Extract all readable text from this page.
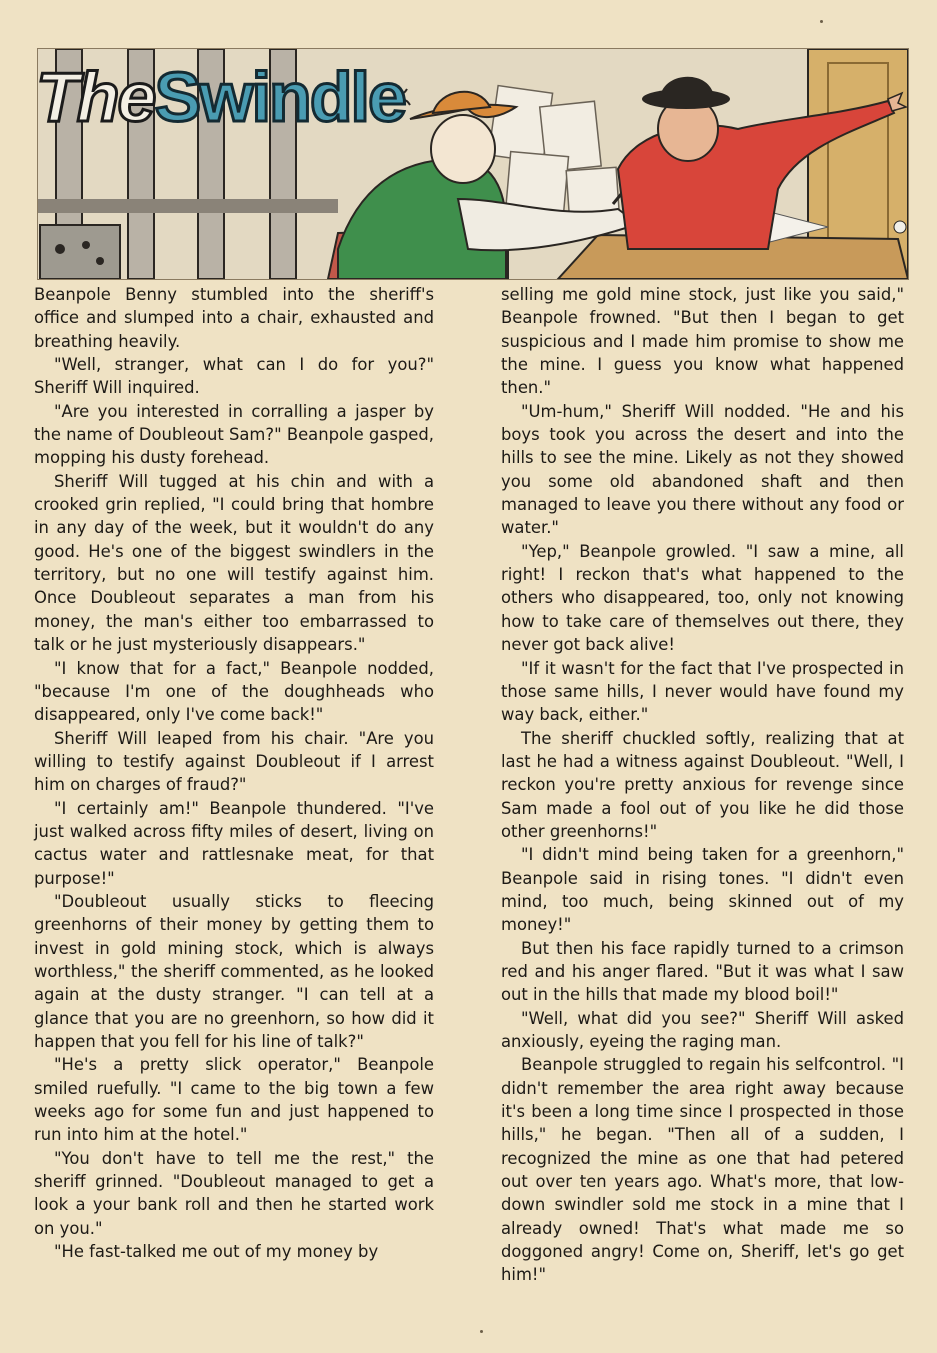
TheSwindle

Beanpole Benny stumbled into the sheriff's office and slumped into a chair, exhausted and breathing heavily.

"Well, stranger, what can I do for you?" Sheriff Will inquired.

"Are you interested in corralling a jasper by the name of Doubleout Sam?" Beanpole gasped, mopping his dusty forehead.

Sheriff Will tugged at his chin and with a crooked grin replied, "I could bring that hombre in any day of the week, but it wouldn't do any good. He's one of the biggest swindlers in the territory, but no one will testify against him. Once Doubleout separates a man from his money, the man's either too embarrassed to talk or he just mysteriously disappears."

"I know that for a fact," Beanpole nodded, "because I'm one of the doughheads who disappeared, only I've come back!"

Sheriff Will leaped from his chair. "Are you willing to testify against Doubleout if I arrest him on charges of fraud?"

"I certainly am!" Beanpole thundered. "I've just walked across fifty miles of desert, living on cactus water and rattlesnake meat, for that purpose!"

"Doubleout usually sticks to fleecing greenhorns of their money by getting them to invest in gold mining stock, which is always worthless," the sheriff commented, as he looked again at the dusty stranger. "I can tell at a glance that you are no greenhorn, so how did it happen that you fell for his line of talk?"

"He's a pretty slick operator," Beanpole smiled ruefully. "I came to the big town a few weeks ago for some fun and just happened to run into him at the hotel."

"You don't have to tell me the rest," the sheriff grinned. "Doubleout managed to get a look a your bank roll and then he started work on you."

"He fast-talked me out of my money by

selling me gold mine stock, just like you said," Beanpole frowned. "But then I began to get suspicious and I made him promise to show me the mine. I guess you know what happened then."

"Um-hum," Sheriff Will nodded. "He and his boys took you across the desert and into the hills to see the mine. Likely as not they showed you some old abandoned shaft and then managed to leave you there without any food or water."

"Yep," Beanpole growled. "I saw a mine, all right! I reckon that's what happened to the others who disappeared, too, only not knowing how to take care of themselves out there, they never got back alive!

"If it wasn't for the fact that I've prospected in those same hills, I never would have found my way back, either."

The sheriff chuckled softly, realizing that at last he had a witness against Doubleout. "Well, I reckon you're pretty anxious for revenge since Sam made a fool out of you like he did those other greenhorns!"

"I didn't mind being taken for a greenhorn," Beanpole said in rising tones. "I didn't even mind, too much, being skinned out of my money!"

But then his face rapidly turned to a crimson red and his anger flared. "But it was what I saw out in the hills that made my blood boil!"

"Well, what did you see?" Sheriff Will asked anxiously, eyeing the raging man.

Beanpole struggled to regain his selfcontrol. "I didn't remember the area right away because it's been a long time since I prospected in those hills," he began. "Then all of a sudden, I recognized the mine as one that had petered out over ten years ago. What's more, that low-down swindler sold me stock in a mine that I already owned! That's what made me so doggoned angry! Come on, Sheriff, let's go get him!"
